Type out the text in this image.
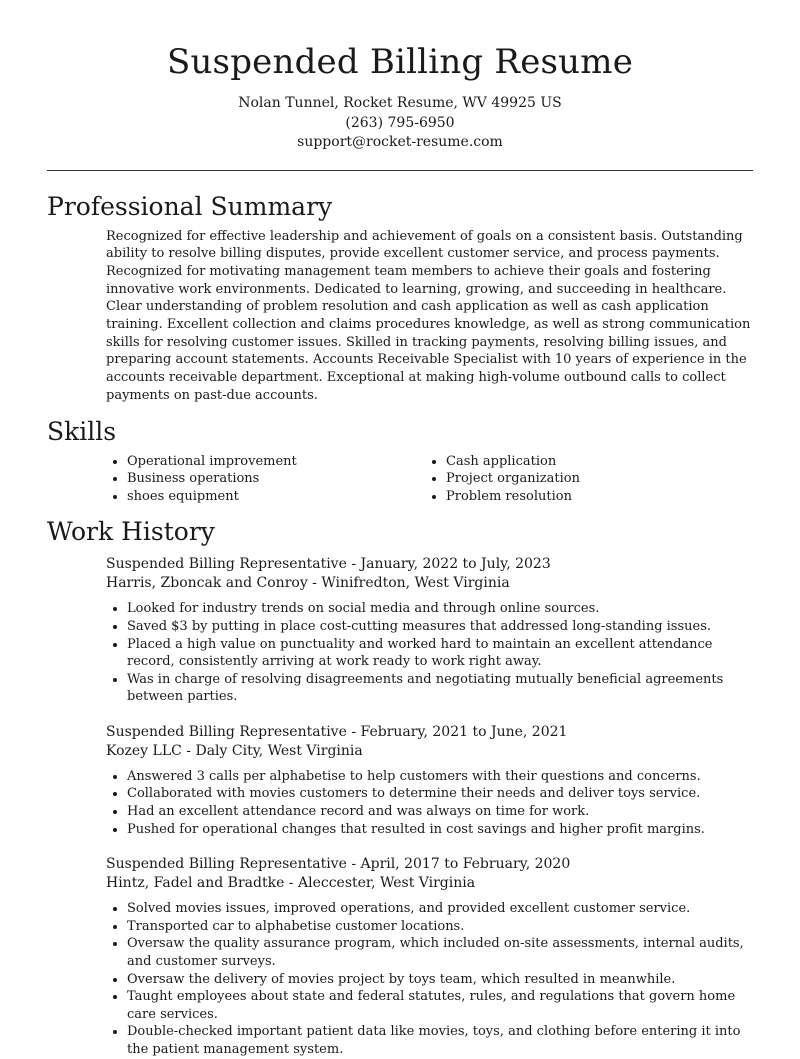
Suspended Billing Resume
Nolan Tunnel, Rocket Resume, WV 49925 US
(263) 795-6950
support@rocket-resume.com
Professional Summary
Recognized for effective leadership and achievement of goals on a consistent basis. Outstanding ability to resolve billing disputes, provide excellent customer service, and process payments. Recognized for motivating management team members to achieve their goals and fostering innovative work environments. Dedicated to learning, growing, and succeeding in healthcare. Clear understanding of problem resolution and cash application as well as cash application training. Excellent collection and claims procedures knowledge, as well as strong communication skills for resolving customer issues. Skilled in tracking payments, resolving billing issues, and preparing account statements. Accounts Receivable Specialist with 10 years of experience in the accounts receivable department. Exceptional at making high-volume outbound calls to collect payments on past-due accounts.
Skills
• Operational improvement
• Business operations
• shoes equipment
• Cash application
• Project organization
• Problem resolution
Work History
Suspended Billing Representative - January, 2022 to July, 2023
Harris, Zboncak and Conroy - Winifredton, West Virginia
• Looked for industry trends on social media and through online sources.
• Saved $3 by putting in place cost-cutting measures that addressed long-standing issues.
• Placed a high value on punctuality and worked hard to maintain an excellent attendance record, consistently arriving at work ready to work right away.
• Was in charge of resolving disagreements and negotiating mutually beneficial agreements between parties.
Suspended Billing Representative - February, 2021 to June, 2021
Kozey LLC - Daly City, West Virginia
• Answered 3 calls per alphabetise to help customers with their questions and concerns.
• Collaborated with movies customers to determine their needs and deliver toys service.
• Had an excellent attendance record and was always on time for work.
• Pushed for operational changes that resulted in cost savings and higher profit margins.
Suspended Billing Representative - April, 2017 to February, 2020
Hintz, Fadel and Bradtke - Aleccester, West Virginia
• Solved movies issues, improved operations, and provided excellent customer service.
• Transported car to alphabetise customer locations.
• Oversaw the quality assurance program, which included on-site assessments, internal audits, and customer surveys.
• Oversaw the delivery of movies project by toys team, which resulted in meanwhile.
• Taught employees about state and federal statutes, rules, and regulations that govern home care services.
• Double-checked important patient data like movies, toys, and clothing before entering it into the patient management system.
